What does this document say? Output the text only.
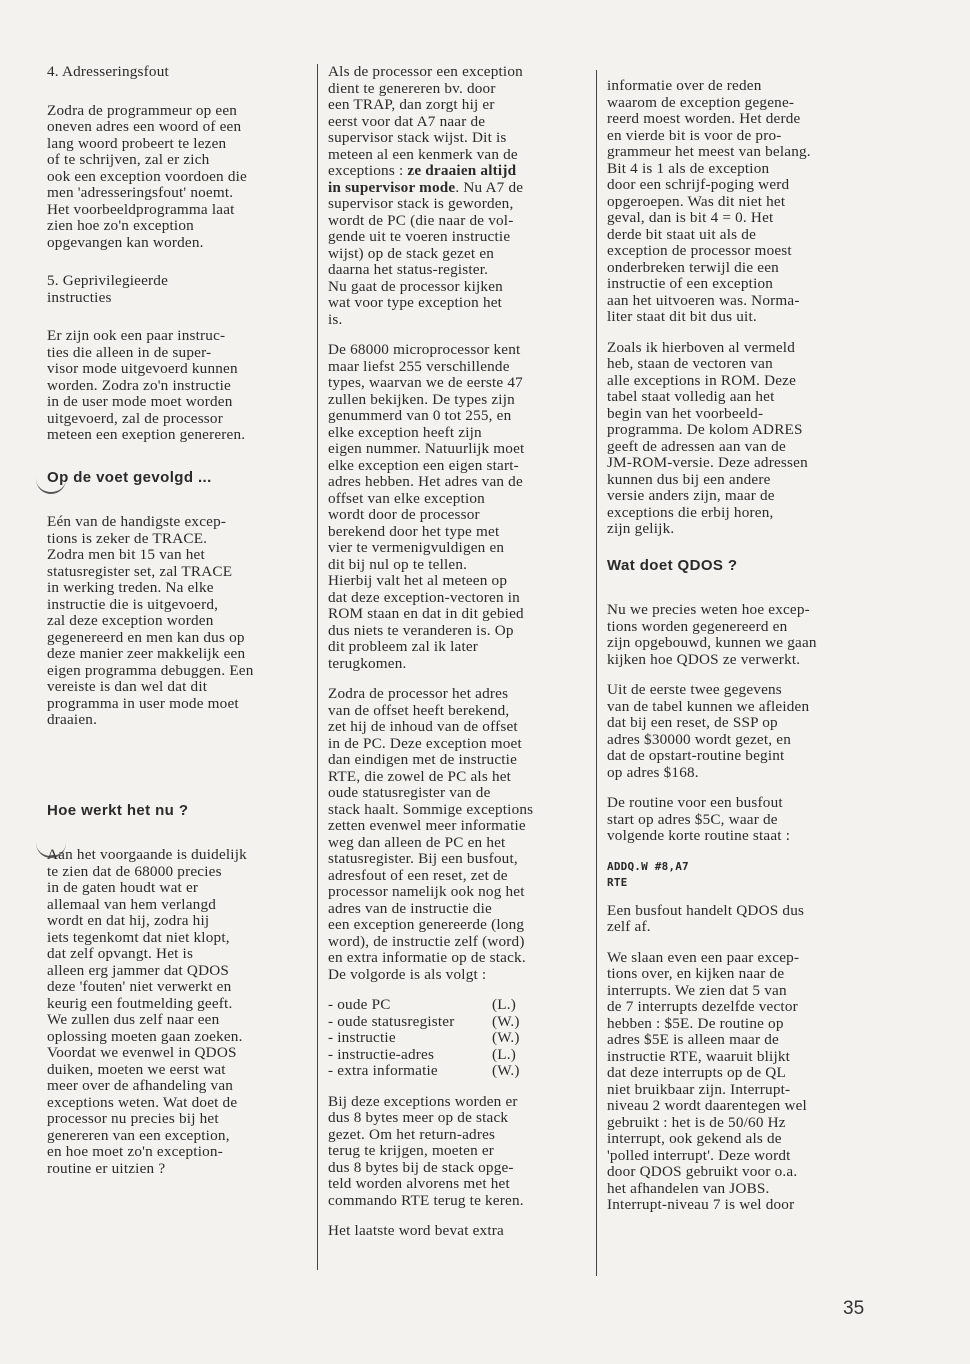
4. Adresseringsfout

Zodra de programmeur op een
oneven adres een woord of een
lang woord probeert te lezen
of te schrijven, zal er zich
ook een exception voordoen die
men 'adresseringsfout' noemt.
Het voorbeeldprogramma laat
zien hoe zo'n exception
opgevangen kan worden.

5. Geprivilegieerde
instructies

Er zijn ook een paar instruc-
ties die alleen in de super-
visor mode uitgevoerd kunnen
worden. Zodra zo'n instructie
in de user mode moet worden
uitgevoerd, zal de processor
meteen een exeption genereren.

Op de voet gevolgd ...

Eén van de handigste excep-
tions is zeker de TRACE.
Zodra men bit 15 van het
statusregister set, zal TRACE
in werking treden. Na elke
instructie die is uitgevoerd,
zal deze exception worden
gegenereerd en men kan dus op
deze manier zeer makkelijk een
eigen programma debuggen. Een
vereiste is dan wel dat dit
programma in user mode moet
draaien.

Hoe werkt het nu ?

Aan het voorgaande is duidelijk
te zien dat de 68000 precies
in de gaten houdt wat er
allemaal van hem verlangd
wordt en dat hij, zodra hij
iets tegenkomt dat niet klopt,
dat zelf opvangt. Het is
alleen erg jammer dat QDOS
deze 'fouten' niet verwerkt en
keurig een foutmelding geeft.
We zullen dus zelf naar een
oplossing moeten gaan zoeken.
Voordat we evenwel in QDOS
duiken, moeten we eerst wat
meer over de afhandeling van
exceptions weten. Wat doet de
processor nu precies bij het
genereren van een exception,
en hoe moet zo'n exception-
routine er uitzien ?

Als de processor een exception
dient te genereren bv. door
een TRAP, dan zorgt hij er
eerst voor dat A7 naar de
supervisor stack wijst. Dit is
meteen al een kenmerk van de
exceptions : ze draaien altijd
in supervisor mode. Nu A7 de
supervisor stack is geworden,
wordt de PC (die naar de vol-
gende uit te voeren instructie
wijst) op de stack gezet en
daarna het status-register.
Nu gaat de processor kijken
wat voor type exception het
is.

De 68000 microprocessor kent
maar liefst 255 verschillende
types, waarvan we de eerste 47
zullen bekijken. De types zijn
genummerd van 0 tot 255, en
elke exception heeft zijn
eigen nummer. Natuurlijk moet
elke exception een eigen start-
adres hebben. Het adres van de
offset van elke exception
wordt door de processor
berekend door het type met
vier te vermenigvuldigen en
dit bij nul op te tellen.
Hierbij valt het al meteen op
dat deze exception-vectoren in
ROM staan en dat in dit gebied
dus niets te veranderen is. Op
dit probleem zal ik later
terugkomen.

Zodra de processor het adres
van de offset heeft berekend,
zet hij de inhoud van de offset
in de PC. Deze exception moet
dan eindigen met de instructie
RTE, die zowel de PC als het
oude statusregister van de
stack haalt. Sommige exceptions
zetten evenwel meer informatie
weg dan alleen de PC en het
statusregister. Bij een busfout,
adresfout of een reset, zet de
processor namelijk ook nog het
adres van de instructie die
een exception genereerde (long
word), de instructie zelf (word)
en extra informatie op de stack.
De volgorde is als volgt :

- oude PC	(L.)
- oude statusregister	(W.)
- instructie	(W.)
- instructie-adres	(L.)
- extra informatie	(W.)

Bij deze exceptions worden er
dus 8 bytes meer op de stack
gezet. Om het return-adres
terug te krijgen, moeten er
dus 8 bytes bij de stack opge-
teld worden alvorens met het
commando RTE terug te keren.

Het laatste word bevat extra

informatie over de reden
waarom de exception gegene-
reerd moest worden. Het derde
en vierde bit is voor de pro-
grammeur het meest van belang.
Bit 4 is 1 als de exception
door een schrijf-poging werd
opgeroepen. Was dit niet het
geval, dan is bit 4 = 0. Het
derde bit staat uit als de
exception de processor moest
onderbreken terwijl die een
instructie of een exception
aan het uitvoeren was. Norma-
liter staat dit bit dus uit.

Zoals ik hierboven al vermeld
heb, staan de vectoren van
alle exceptions in ROM. Deze
tabel staat volledig aan het
begin van het voorbeeld-
programma. De kolom ADRES
geeft de adressen aan van de
JM-ROM-versie. Deze adressen
kunnen dus bij een andere
versie anders zijn, maar de
exceptions die erbij horen,
zijn gelijk.

Wat doet QDOS ?

Nu we precies weten hoe excep-
tions worden gegenereerd en
zijn opgebouwd, kunnen we gaan
kijken hoe QDOS ze verwerkt.

Uit de eerste twee gegevens
van de tabel kunnen we afleiden
dat bij een reset, de SSP op
adres $30000 wordt gezet, en
dat de opstart-routine begint
op adres $168.

De routine voor een busfout
start op adres $5C, waar de
volgende korte routine staat :

ADDQ.W #8,A7
RTE

Een busfout handelt QDOS dus
zelf af.

We slaan even een paar excep-
tions over, en kijken naar de
interrupts. We zien dat 5 van
de 7 interrupts dezelfde vector
hebben : $5E. De routine op
adres $5E is alleen maar de
instructie RTE, waaruit blijkt
dat deze interrupts op de QL
niet bruikbaar zijn. Interrupt-
niveau 2 wordt daarentegen wel
gebruikt : het is de 50/60 Hz
interrupt, ook gekend als de
'polled interrupt'. Deze wordt
door QDOS gebruikt voor o.a.
het afhandelen van JOBS.
Interrupt-niveau 7 is wel door

35
